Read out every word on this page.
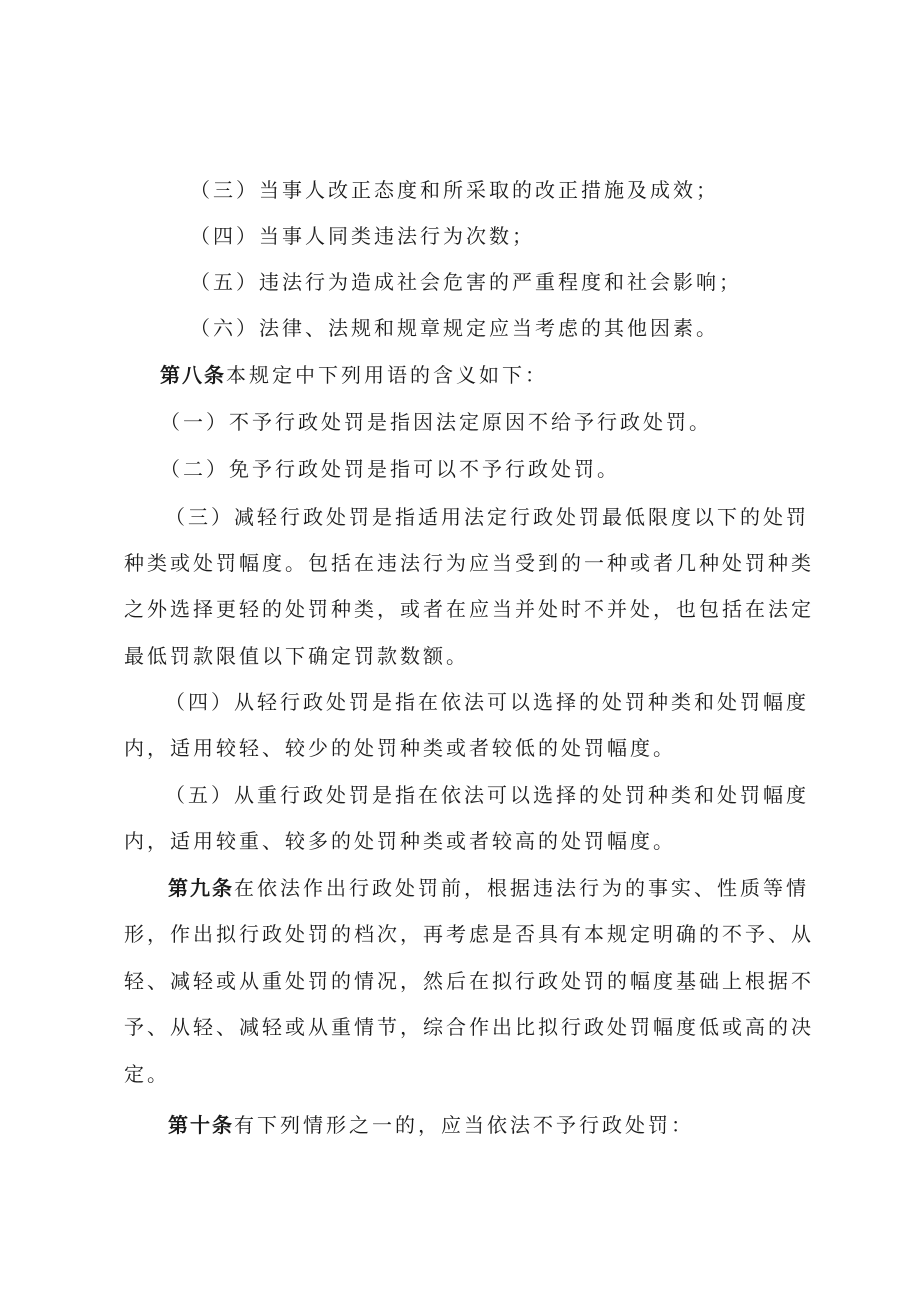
（三）当事人改正态度和所采取的改正措施及成效；
（四）当事人同类违法行为次数；
（五）违法行为造成社会危害的严重程度和社会影响；
（六）法律、法规和规章规定应当考虑的其他因素。
第八条本规定中下列用语的含义如下：
（一）不予行政处罚是指因法定原因不给予行政处罚。
（二）免予行政处罚是指可以不予行政处罚。
（三）减轻行政处罚是指适用法定行政处罚最低限度以下的处罚
种类或处罚幅度。包括在违法行为应当受到的一种或者几种处罚种类
之外选择更轻的处罚种类，或者在应当并处时不并处，也包括在法定
最低罚款限值以下确定罚款数额。
（四）从轻行政处罚是指在依法可以选择的处罚种类和处罚幅度
内，适用较轻、较少的处罚种类或者较低的处罚幅度。
（五）从重行政处罚是指在依法可以选择的处罚种类和处罚幅度
内，适用较重、较多的处罚种类或者较高的处罚幅度。
第九条在依法作出行政处罚前，根据违法行为的事实、性质等情
形，作出拟行政处罚的档次，再考虑是否具有本规定明确的不予、从
轻、减轻或从重处罚的情况，然后在拟行政处罚的幅度基础上根据不
予、从轻、减轻或从重情节，综合作出比拟行政处罚幅度低或高的决
定。
第十条有下列情形之一的，应当依法不予行政处罚：
